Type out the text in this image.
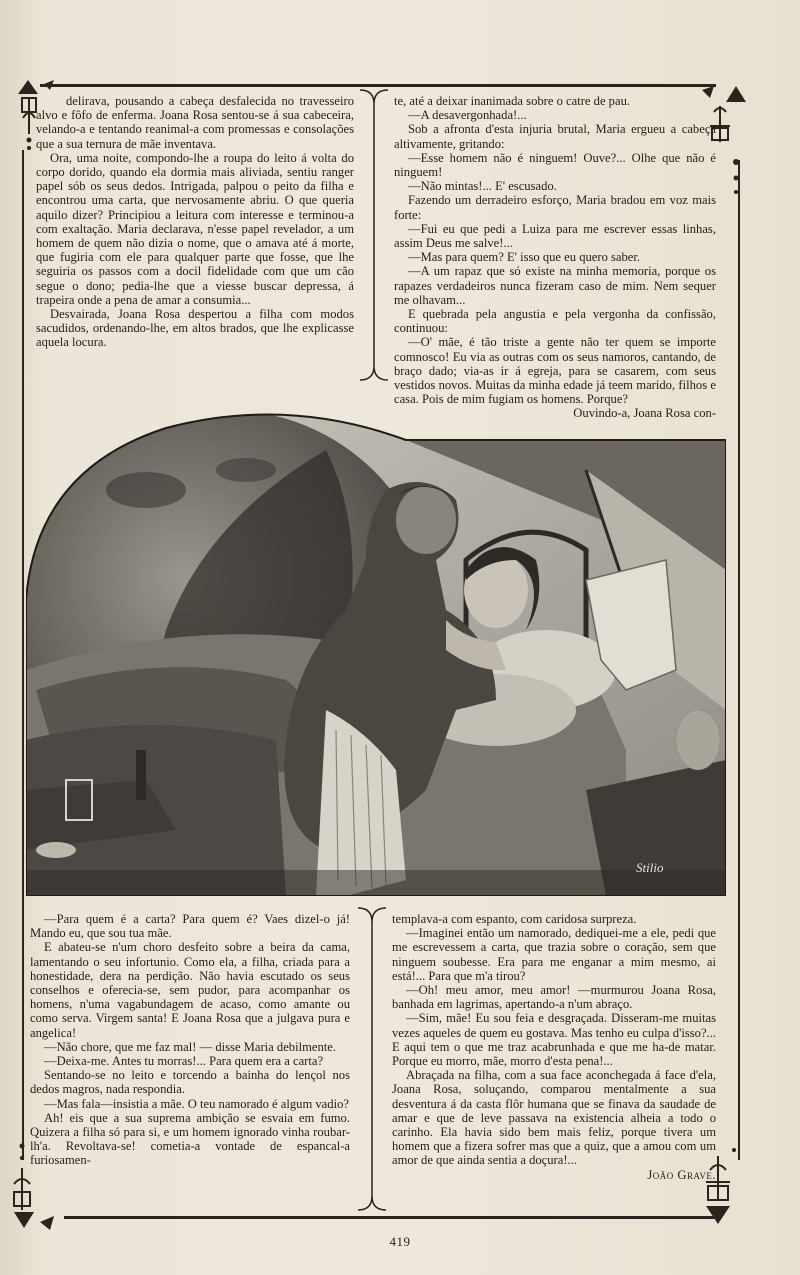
delirava, pousando a cabeça desfalecida no travesseiro alvo e fôfo de enferma. Joana Rosa sentou-se á sua cabeceira, velando-a e tentando reanimal-a com promessas e consolações que a sua ternura de mãe inventava.

Ora, uma noite, compondo-lhe a roupa do leito á volta do corpo dorido, quando ela dormia mais aliviada, sentiu ranger papel sób os seus dedos. Intrigada, palpou o peito da filha e encontrou uma carta, que nervosamente abriu. O que queria aquilo dizer? Principiou a leitura com interesse e terminou-a com exaltação. Maria declarava, n'esse papel revelador, a um homem de quem não dizia o nome, que o amava até á morte, que fugiria com ele para qualquer parte que fosse, que lhe seguiria os passos com a docil fidelidade com que um cão segue o dono; pedia-lhe que a viesse buscar depressa, á trapeira onde a pena de amar a consumia...

Desvairada, Joana Rosa despertou a filha com modos sacudidos, ordenando-lhe, em altos brados, que lhe explicasse aquela locura.

te, até a deixar inanimada sobre o catre de pau.

—A desavergonhada!...

Sob a afronta d'esta injuria brutal, Maria ergueu a cabeça altivamente, gritando:

—Esse homem não é ninguem! Ouve?... Olhe que não é ninguem!

—Não mintas!... E' escusado.

Fazendo um derradeiro esforço, Maria bradou em voz mais forte:

—Fui eu que pedi a Luiza para me escrever essas linhas, assim Deus me salve!...

—Mas para quem? E' isso que eu quero saber.

—A um rapaz que só existe na minha memoria, porque os rapazes verdadeiros nunca fizeram caso de mim. Nem sequer me olhavam...

E quebrada pela angustia e pela vergonha da confissão, continuou:

—O' mãe, é tão triste a gente não ter quem se importe comnosco! Eu via as outras com os seus namoros, cantando, de braço dado; via-as ir á egreja, para se casarem, com seus vestidos novos. Muitas da minha edade já teem marido, filhos e casa. Pois de mim fugiam os homens. Porque?

Ouvindo-a, Joana Rosa con-

Stilio

—Para quem é a carta? Para quem é? Vaes dizel-o já! Mando eu, que sou tua mãe.

E abateu-se n'um choro desfeito sobre a beira da cama, lamentando o seu infortunio. Como ela, a filha, criada para a honestidade, dera na perdição. Não havia escutado os seus conselhos e oferecia-se, sem pudor, para acompanhar os homens, n'uma vagabundagem de acaso, como amante ou como serva. Virgem santa! E Joana Rosa que a julgava pura e angelica!

—Não chore, que me faz mal! — disse Maria debilmente.

—Deixa-me. Antes tu morras!... Para quem era a carta?

Sentando-se no leito e torcendo a bainha do lençol nos dedos magros, nada respondia.

—Mas fala—insistia a mãe. O teu namorado é algum vadio?

Ah! eis que a sua suprema ambição se esvaia em fumo. Quizera a filha só para si, e um homem ignorado vinha roubar-lh'a. Revoltava-se! cometia-a vontade de espancal-a furiosamen-

templava-a com espanto, com caridosa surpreza.

—Imaginei então um namorado, dediquei-me a ele, pedi que me escrevessem a carta, que trazia sobre o coração, sem que ninguem soubesse. Era para me enganar a mim mesmo, ai está!... Para que m'a tirou?

—Oh! meu amor, meu amor! —murmurou Joana Rosa, banhada em lagrimas, apertando-a n'um abraço.

—Sim, mãe! Eu sou feia e desgraçada. Disseram-me muitas vezes aqueles de quem eu gostava. Mas tenho eu culpa d'isso?... E aqui tem o que me traz acabrunhada e que me ha-de matar. Porque eu morro, mãe, morro d'esta pena!...

Abraçada na filha, com a sua face aconchegada á face d'ela, Joana Rosa, soluçando, comparou mentalmente a sua desventura á da casta flôr humana que se finava da saudade de amar e que de leve passava na existencia alheia a todo o carinho. Ela havia sido bem mais feliz, porque tivera um homem que a fizera sofrer mas que a quiz, que a amou com um amor de que ainda sentia a doçura!...

João Grave.

419
